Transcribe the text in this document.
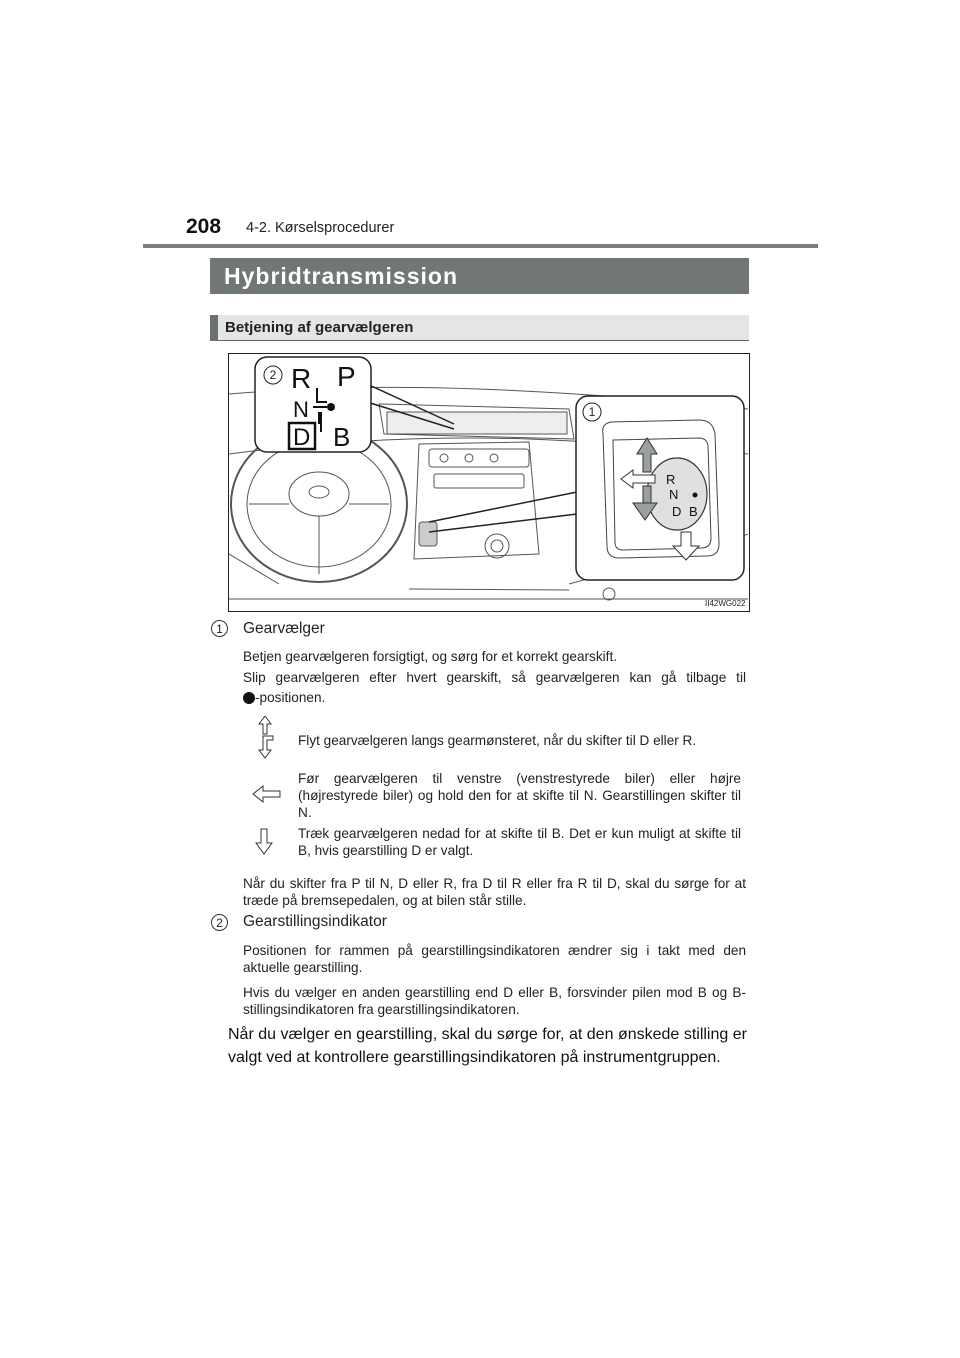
208 4-2. Kørselsprocedurer
Hybridtransmission
Betjening af gearvælgeren
2 R P
N
B
D
1
R
N
D B
II42WG022
1	Gearvælger
Betjen gearvælgeren forsigtigt, og sørg for et korrekt gearskift.
Slip gearvælgeren efter hvert gearskift, så gearvælgeren kan gå tilbage til
-positionen.
Flyt gearvælgeren langs gearmønsteret, når du skifter til D eller R.
Før gearvælgeren til venstre (venstrestyrede biler) eller højre (højrestyrede biler) og hold den for at skifte til N. Gearstillingen skifter til N.
Træk gearvælgeren nedad for at skifte til B. Det er kun muligt at skifte til B, hvis gearstilling D er valgt.
Når du skifter fra P til N, D eller R, fra D til R eller fra R til D, skal du sørge for at træde på bremsepedalen, og at bilen står stille.
2	Gearstillingsindikator
Positionen for rammen på gearstillingsindikatoren ændrer sig i takt med den aktuelle gearstilling.
Hvis du vælger en anden gearstilling end D eller B, forsvinder pilen mod B og B-stillingsindikatoren fra gearstillingsindikatoren.
Når du vælger en gearstilling, skal du sørge for, at den ønskede stilling er valgt ved at kontrollere gearstillingsindikatoren på instrumentgruppen.
